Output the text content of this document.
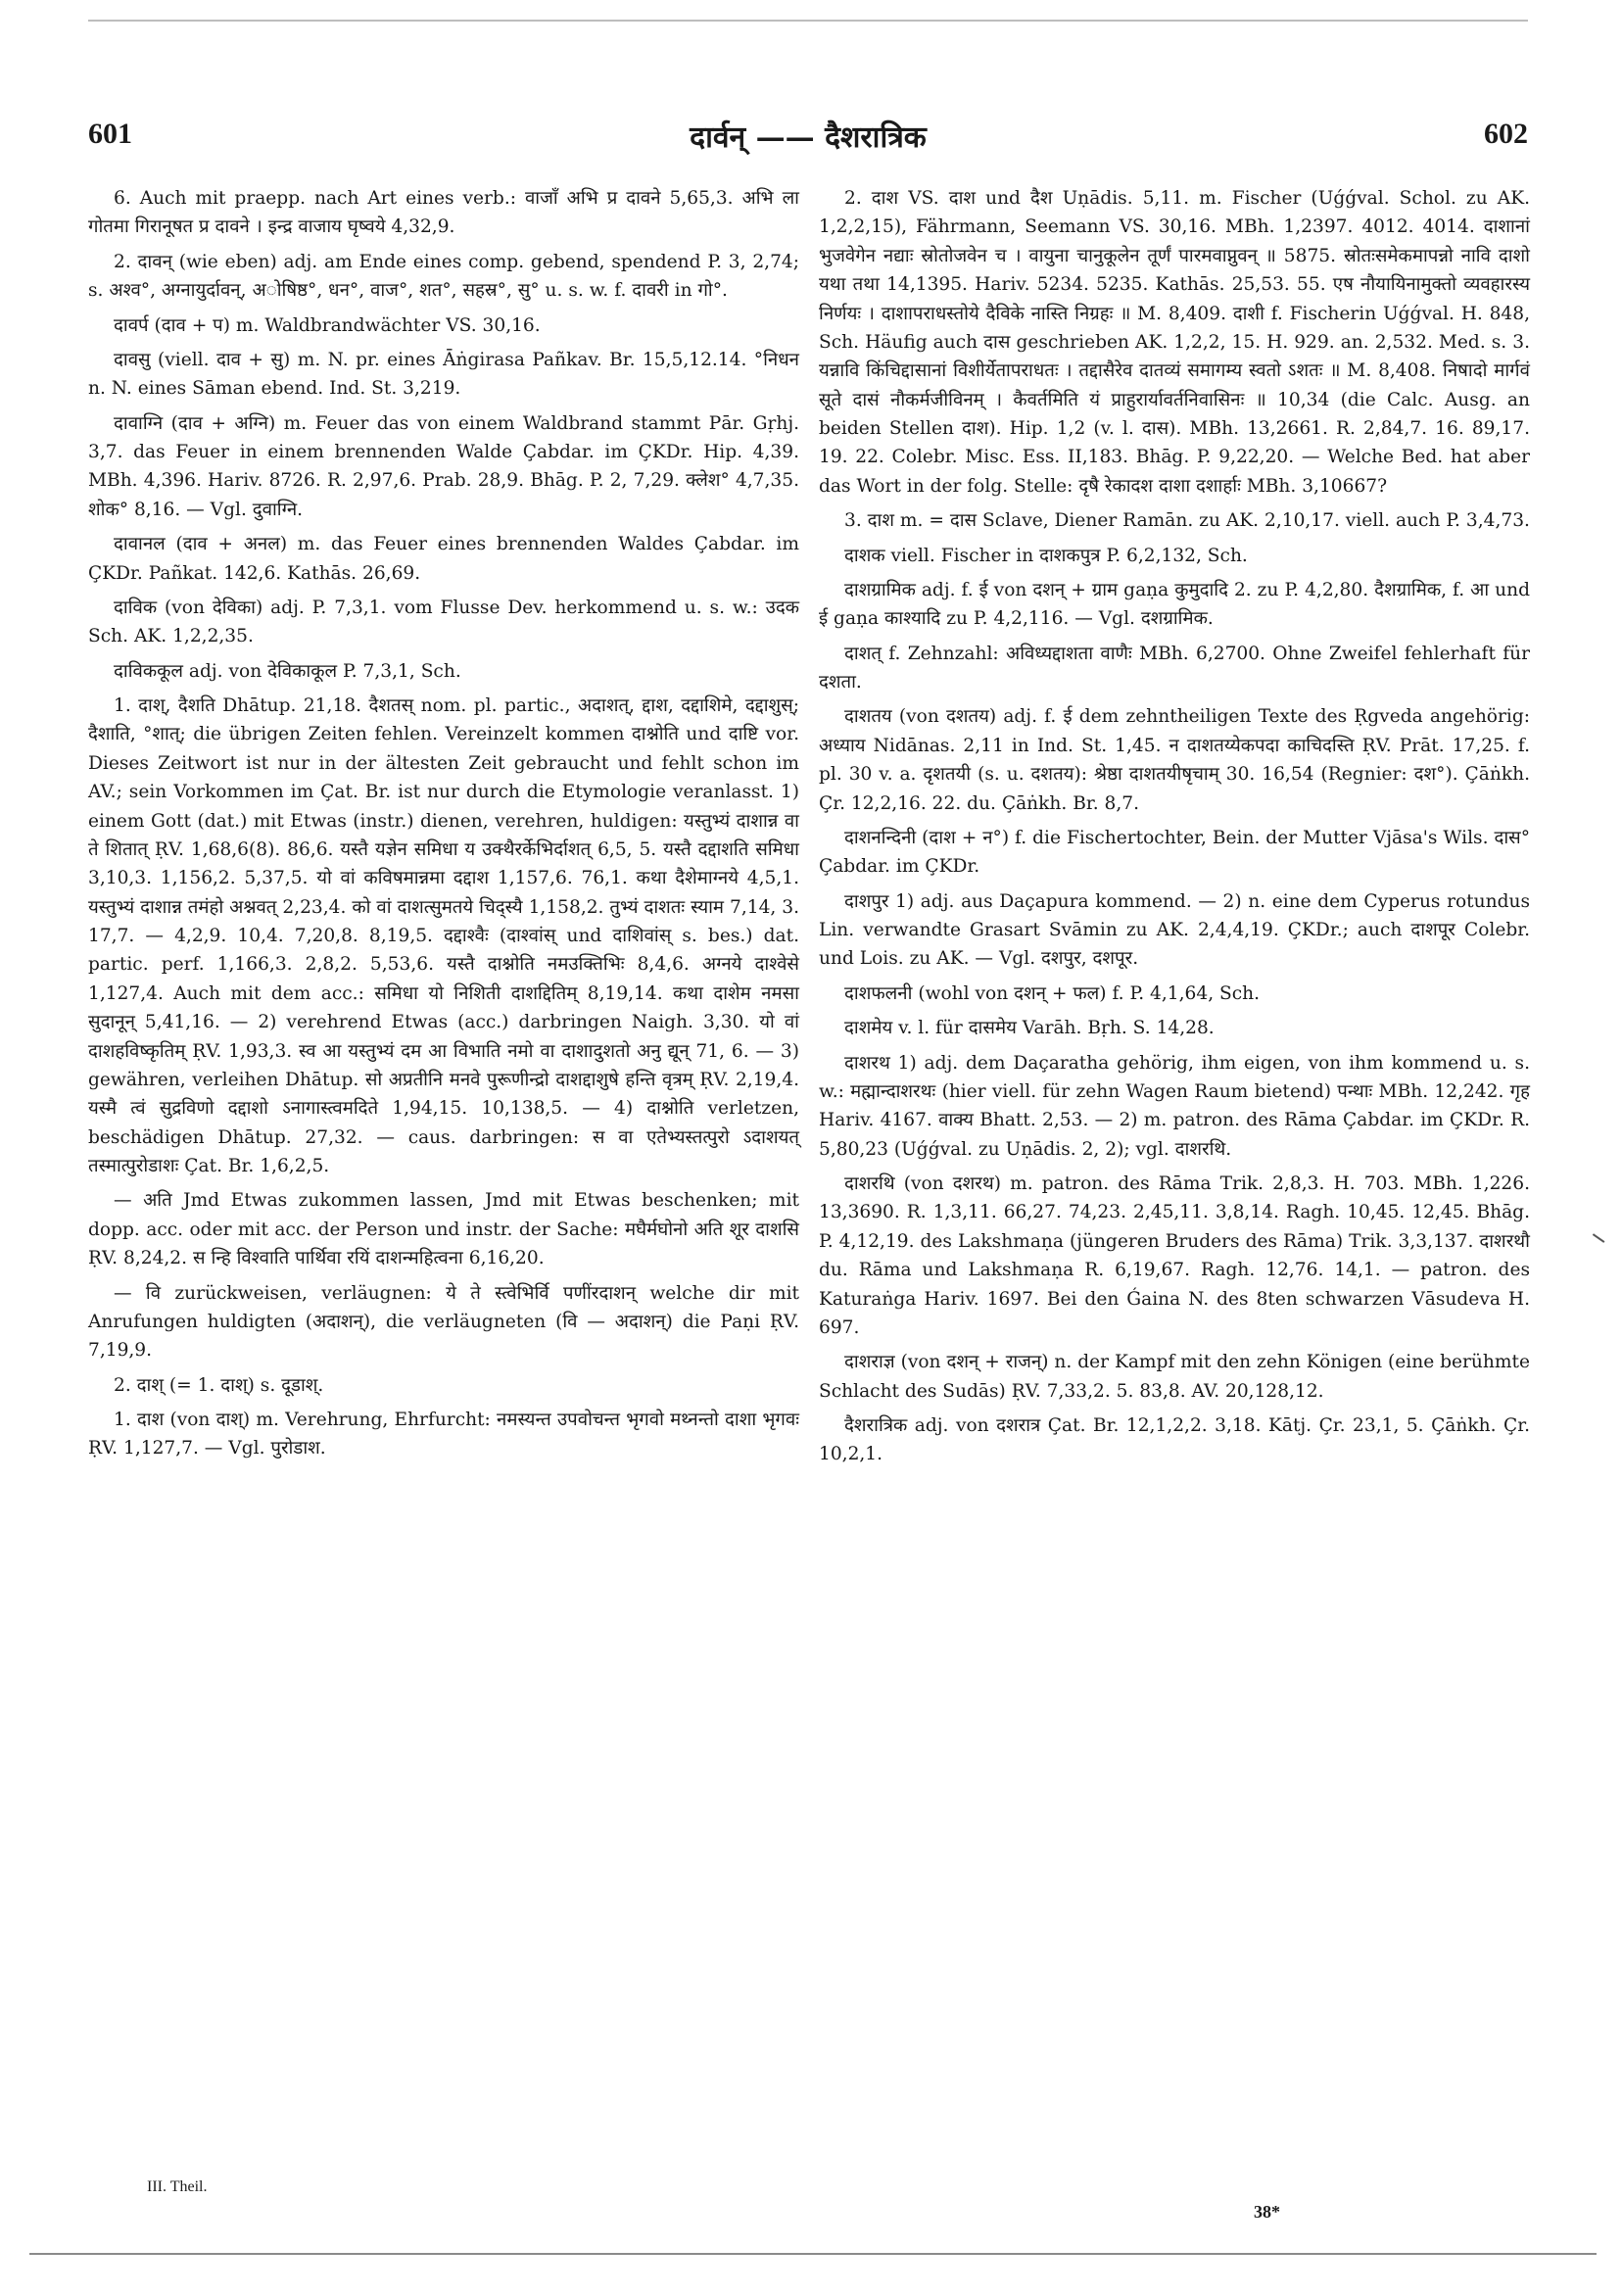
601	दार्वन् —— दैशरात्रिक	602

6. Auch mit praepp. nach Art eines verb.: वाजाँ अभि प्र दावने 5,65,3. अभि ला गोतमा गिरानूषत प्र दावने । इन्द्र वाजाय घृष्वये 4,32,9.

2. दावन् (wie eben) adj. am Ende eines comp. gebend, spendend P. 3, 2,74; s. अश्व°, अग्नायुर्दावन्, अोषिष्ठ°, धन°, वाज°, शत°, सहस्र°, सु° u. s. w. f. दावरी in गो°.

दावर्प (दाव + प) m. Waldbrandwächter VS. 30,16.

दावसु (viell. दाव + सु) m. N. pr. eines Āṅgirasa Pañkav. Br. 15,5,12.14. °निधन n. N. eines Sāman ebend. Ind. St. 3,219.

दावाग्नि (दाव + अग्नि) m. Feuer das von einem Waldbrand stammt Pār. Gṛhj. 3,7. das Feuer in einem brennenden Walde Çabdar. im ÇKDr. Hip. 4,39. MBh. 4,396. Hariv. 8726. R. 2,97,6. Prab. 28,9. Bhāg. P. 2, 7,29. क्लेश° 4,7,35. शोक° 8,16. — Vgl. दुवाग्नि.

दावानल (दाव + अनल) m. das Feuer eines brennenden Waldes Çabdar. im ÇKDr. Pañkat. 142,6. Kathās. 26,69.

दाविक (von देविका) adj. P. 7,3,1. vom Flusse Dev. herkommend u. s. w.: उदक Sch. AK. 1,2,2,35.

दाविककूल adj. von देविकाकूल P. 7,3,1, Sch.

1. दाश्, दैशति Dhātup. 21,18. दैशतस् nom. pl. partic., अदाशत्, द्दाश, दद्दाशिमे, दद्दाशुस्; दैशाति, °शात्; die übrigen Zeiten fehlen. Vereinzelt kommen दाश्नोति und दाष्टि vor. Dieses Zeitwort ist nur in der ältesten Zeit gebraucht und fehlt schon im AV.; sein Vorkommen im Çat. Br. ist nur durch die Etymologie veranlasst. 1) einem Gott (dat.) mit Etwas (instr.) dienen, verehren, huldigen: यस्तुभ्यं दाशान्न वा ते शितात् ṚV. 1,68,6(8). 86,6. यस्तै यज्ञेन समिधा य उक्थैरर्केभिर्दाशत् 6,5, 5. यस्तै दद्दाशति समिधा 3,10,3. 1,156,2. 5,37,5. यो वां कविषमान्नमा दद्दाश 1,157,6. 76,1. कथा दैशेमाग्नये 4,5,1. यस्तुभ्यं दाशान्न तमंहो अश्नवत् 2,23,4. को वां दाशत्सुमतये चिद्स्यै 1,158,2. तुभ्यं दाशतः स्याम 7,14, 3. 17,7. — 4,2,9. 10,4. 7,20,8. 8,19,5. दद्दाश्वैः (दाश्वांस् und दाशिवांस् s. bes.) dat. partic. perf. 1,166,3. 2,8,2. 5,53,6. यस्तै दाश्नोति नमउक्तिभिः 8,4,6. अग्नये दाश्वेसे 1,127,4. Auch mit dem acc.: समिधा यो निशिती दाशद्दितिम् 8,19,14. कथा दाशेम नमसा सुदानून् 5,41,16. — 2) verehrend Etwas (acc.) darbringen Naigh. 3,30. यो वां दाशहविष्कृतिम् ṚV. 1,93,3. स्व आ यस्तुभ्यं दम आ विभाति नमो वा दाशादुशतो अनु द्यून् 71, 6. — 3) gewähren, verleihen Dhātup. सो अप्रतीनि मनवे पुरूणीन्द्रो दाशद्दाशुषे हन्ति वृत्रम् ṚV. 2,19,4. यस्मै त्वं सुद्रविणो दद्दाशो ऽनागास्त्वमदिते 1,94,15. 10,138,5. — 4) दाश्नोति verletzen, beschädigen Dhātup. 27,32. — caus. darbringen: स वा एतेभ्यस्तत्पुरो ऽदाशयत् तस्मात्पुरोडाशः Çat. Br. 1,6,2,5.

— अति Jmd Etwas zukommen lassen, Jmd mit Etwas beschenken; mit dopp. acc. oder mit acc. der Person und instr. der Sache: मघैर्मघोनो अति शूर दाशसि ṚV. 8,24,2. स न्हि विश्वाति पार्थिवा रयिं दाशन्महित्वना 6,16,20.

— वि zurückweisen, verläugnen: ये ते स्त्वेभिर्वि पणींरदाशन् welche dir mit Anrufungen huldigten (अदाशन्), die verläugneten (वि — अदाशन्) die Paṇi ṚV. 7,19,9.

2. दाश् (= 1. दाश्) s. दूडाश्.

1. दाश (von दाश्) m. Verehrung, Ehrfurcht: नमस्यन्त उपवोचन्त भृगवो मथ्नन्तो दाशा भृगवः ṚV. 1,127,7. — Vgl. पुरोडाश.

2. दाश VS. दाश und दैश Uṇādis. 5,11. m. Fischer (Uǵǵval. Schol. zu AK. 1,2,2,15), Fährmann, Seemann VS. 30,16. MBh. 1,2397. 4012. 4014. दाशानां भुजवेगेन नद्याः स्रोतोजवेन च । वायुना चानुकूलेन तूर्णं पारमवाप्नुवन् ॥ 5875. स्रोतःसमेकमापन्नो नावि दाशो यथा तथा 14,1395. Hariv. 5234. 5235. Kathās. 25,53. 55. एष नौयायिनामुक्तो व्यवहारस्य निर्णयः । दाशापराधस्तोये दैविके नास्ति निग्रहः ॥ M. 8,409. दाशी f. Fischerin Uǵǵval. H. 848, Sch. Häufig auch दास geschrieben AK. 1,2,2, 15. H. 929. an. 2,532. Med. s. 3. यन्नावि किंचिद्दासानां विशीर्येतापराधतः । तद्दासैरेव दातव्यं समागम्य स्वतो ऽशतः ॥ M. 8,408. निषादो मार्गवं सूते दासं नौकर्मजीविनम् । कैवर्तमिति यं प्राहुरार्यावर्तनिवासिनः ॥ 10,34 (die Calc. Ausg. an beiden Stellen दाश). Hip. 1,2 (v. l. दास). MBh. 13,2661. R. 2,84,7. 16. 89,17. 19. 22. Colebr. Misc. Ess. II,183. Bhāg. P. 9,22,20. — Welche Bed. hat aber das Wort in der folg. Stelle: दृषै रेकादश दाशा दशार्हाः MBh. 3,10667?

3. दाश m. = दास Sclave, Diener Ramān. zu AK. 2,10,17. viell. auch P. 3,4,73.

दाशक viell. Fischer in दाशकपुत्र P. 6,2,132, Sch.

दाशग्रामिक adj. f. ई von दशन् + ग्राम gaṇa कुमुदादि 2. zu P. 4,2,80. दैशग्रामिक, f. आ und ई gaṇa काश्यादि zu P. 4,2,116. — Vgl. दशग्रामिक.

दाशत् f. Zehnzahl: अविध्यद्दाशता वाणैः MBh. 6,2700. Ohne Zweifel fehlerhaft für दशता.

दाशतय (von दशतय) adj. f. ई dem zehntheiligen Texte des Ṛgveda angehörig: अध्याय Nidānas. 2,11 in Ind. St. 1,45. न दाशतय्येकपदा काचिदस्ति ṚV. Prāt. 17,25. f. pl. 30 v. a. दृशतयी (s. u. दशतय): श्रेष्ठा दाशतयीषृचाम् 30. 16,54 (Regnier: दश°). Çāṅkh. Çr. 12,2,16. 22. du. Çāṅkh. Br. 8,7.

दाशनन्दिनी (दाश + न°) f. die Fischertochter, Bein. der Mutter Vjāsa's Wils. दास° Çabdar. im ÇKDr.

दाशपुर 1) adj. aus Daçapura kommend. — 2) n. eine dem Cyperus rotundus Lin. verwandte Grasart Svāmin zu AK. 2,4,4,19. ÇKDr.; auch दाशपूर Colebr. und Lois. zu AK. — Vgl. दशपुर, दशपूर.

दाशफलनी (wohl von दशन् + फल) f. P. 4,1,64, Sch.

दाशमेय v. l. für दासमेय Varāh. Bṛh. S. 14,28.

दाशरथ 1) adj. dem Daçaratha gehörig, ihm eigen, von ihm kommend u. s. w.: मह्मान्दाशरथः (hier viell. für zehn Wagen Raum bietend) पन्थाः MBh. 12,242. गृह Hariv. 4167. वाक्य Bhatt. 2,53. — 2) m. patron. des Rāma Çabdar. im ÇKDr. R. 5,80,23 (Uǵǵval. zu Uṇādis. 2, 2); vgl. दाशरथि.

दाशरथि (von दशरथ) m. patron. des Rāma Trik. 2,8,3. H. 703. MBh. 1,226. 13,3690. R. 1,3,11. 66,27. 74,23. 2,45,11. 3,8,14. Ragh. 10,45. 12,45. Bhāg. P. 4,12,19. des Lakshmaṇa (jüngeren Bruders des Rāma) Trik. 3,3,137. दाशरथौ du. Rāma und Lakshmaṇa R. 6,19,67. Ragh. 12,76. 14,1. — patron. des Katuraṅga Hariv. 1697. Bei den Ǵaina N. des 8ten schwarzen Vāsudeva H. 697.

दाशराज्ञ (von दशन् + राजन्) n. der Kampf mit den zehn Königen (eine berühmte Schlacht des Sudās) ṚV. 7,33,2. 5. 83,8. AV. 20,128,12.

दैशरात्रिक adj. von दशरात्र Çat. Br. 12,1,2,2. 3,18. Kātj. Çr. 23,1, 5. Çāṅkh. Çr. 10,2,1.

III. Theil.
38*
